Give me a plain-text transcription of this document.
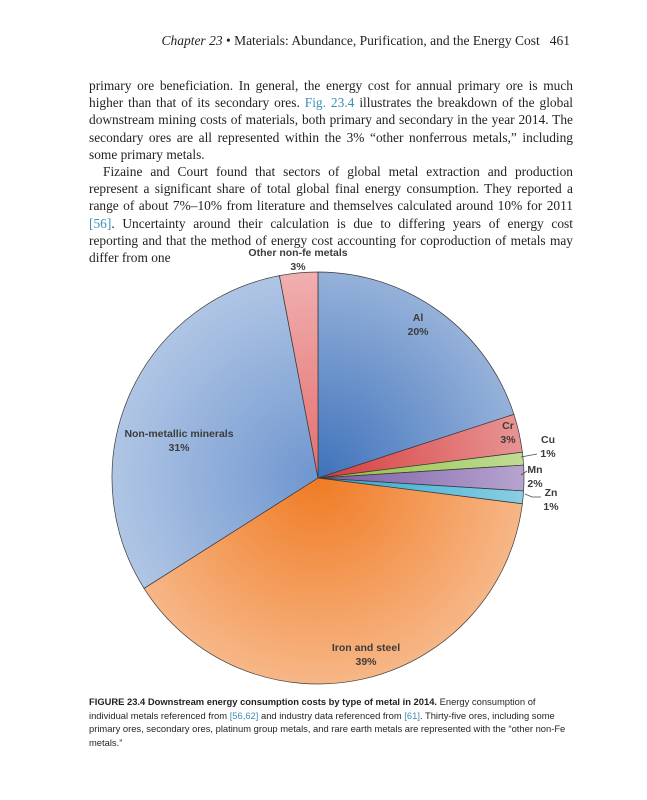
Chapter 23 • Materials: Abundance, Purification, and the Energy Cost 461

primary ore beneficiation. In general, the energy cost for annual primary ore is much higher than that of its secondary ores. Fig. 23.4 illustrates the breakdown of the global downstream mining costs of materials, both primary and secondary in the year 2014. The secondary ores are all represented within the 3% “other nonferrous metals,” including some primary metals.

Fizaine and Court found that sectors of global metal extraction and production represent a significant share of total global final energy consumption. They reported a range of about 7%–10% from literature and themselves calculated around 10% for 2011 [56]. Uncertainty around their calculation is due to differing years of energy cost reporting and that the method of energy cost accounting for coproduction of metals may differ from one

Al
20%
Cr
3% Cu
1%
Mn
2%
Zn
1%
Iron and steel
39%
Non-metallic minerals
31%
Other non-fe metals
3%
FIGURE 23.4 Downstream energy consumption costs by type of metal in 2014. Energy consumption of individual metals referenced from [56,62] and industry data referenced from [61]. Thirty-five ores, including some primary ores, secondary ores, platinum group metals, and rare earth metals are represented with the “other non-Fe metals.”
